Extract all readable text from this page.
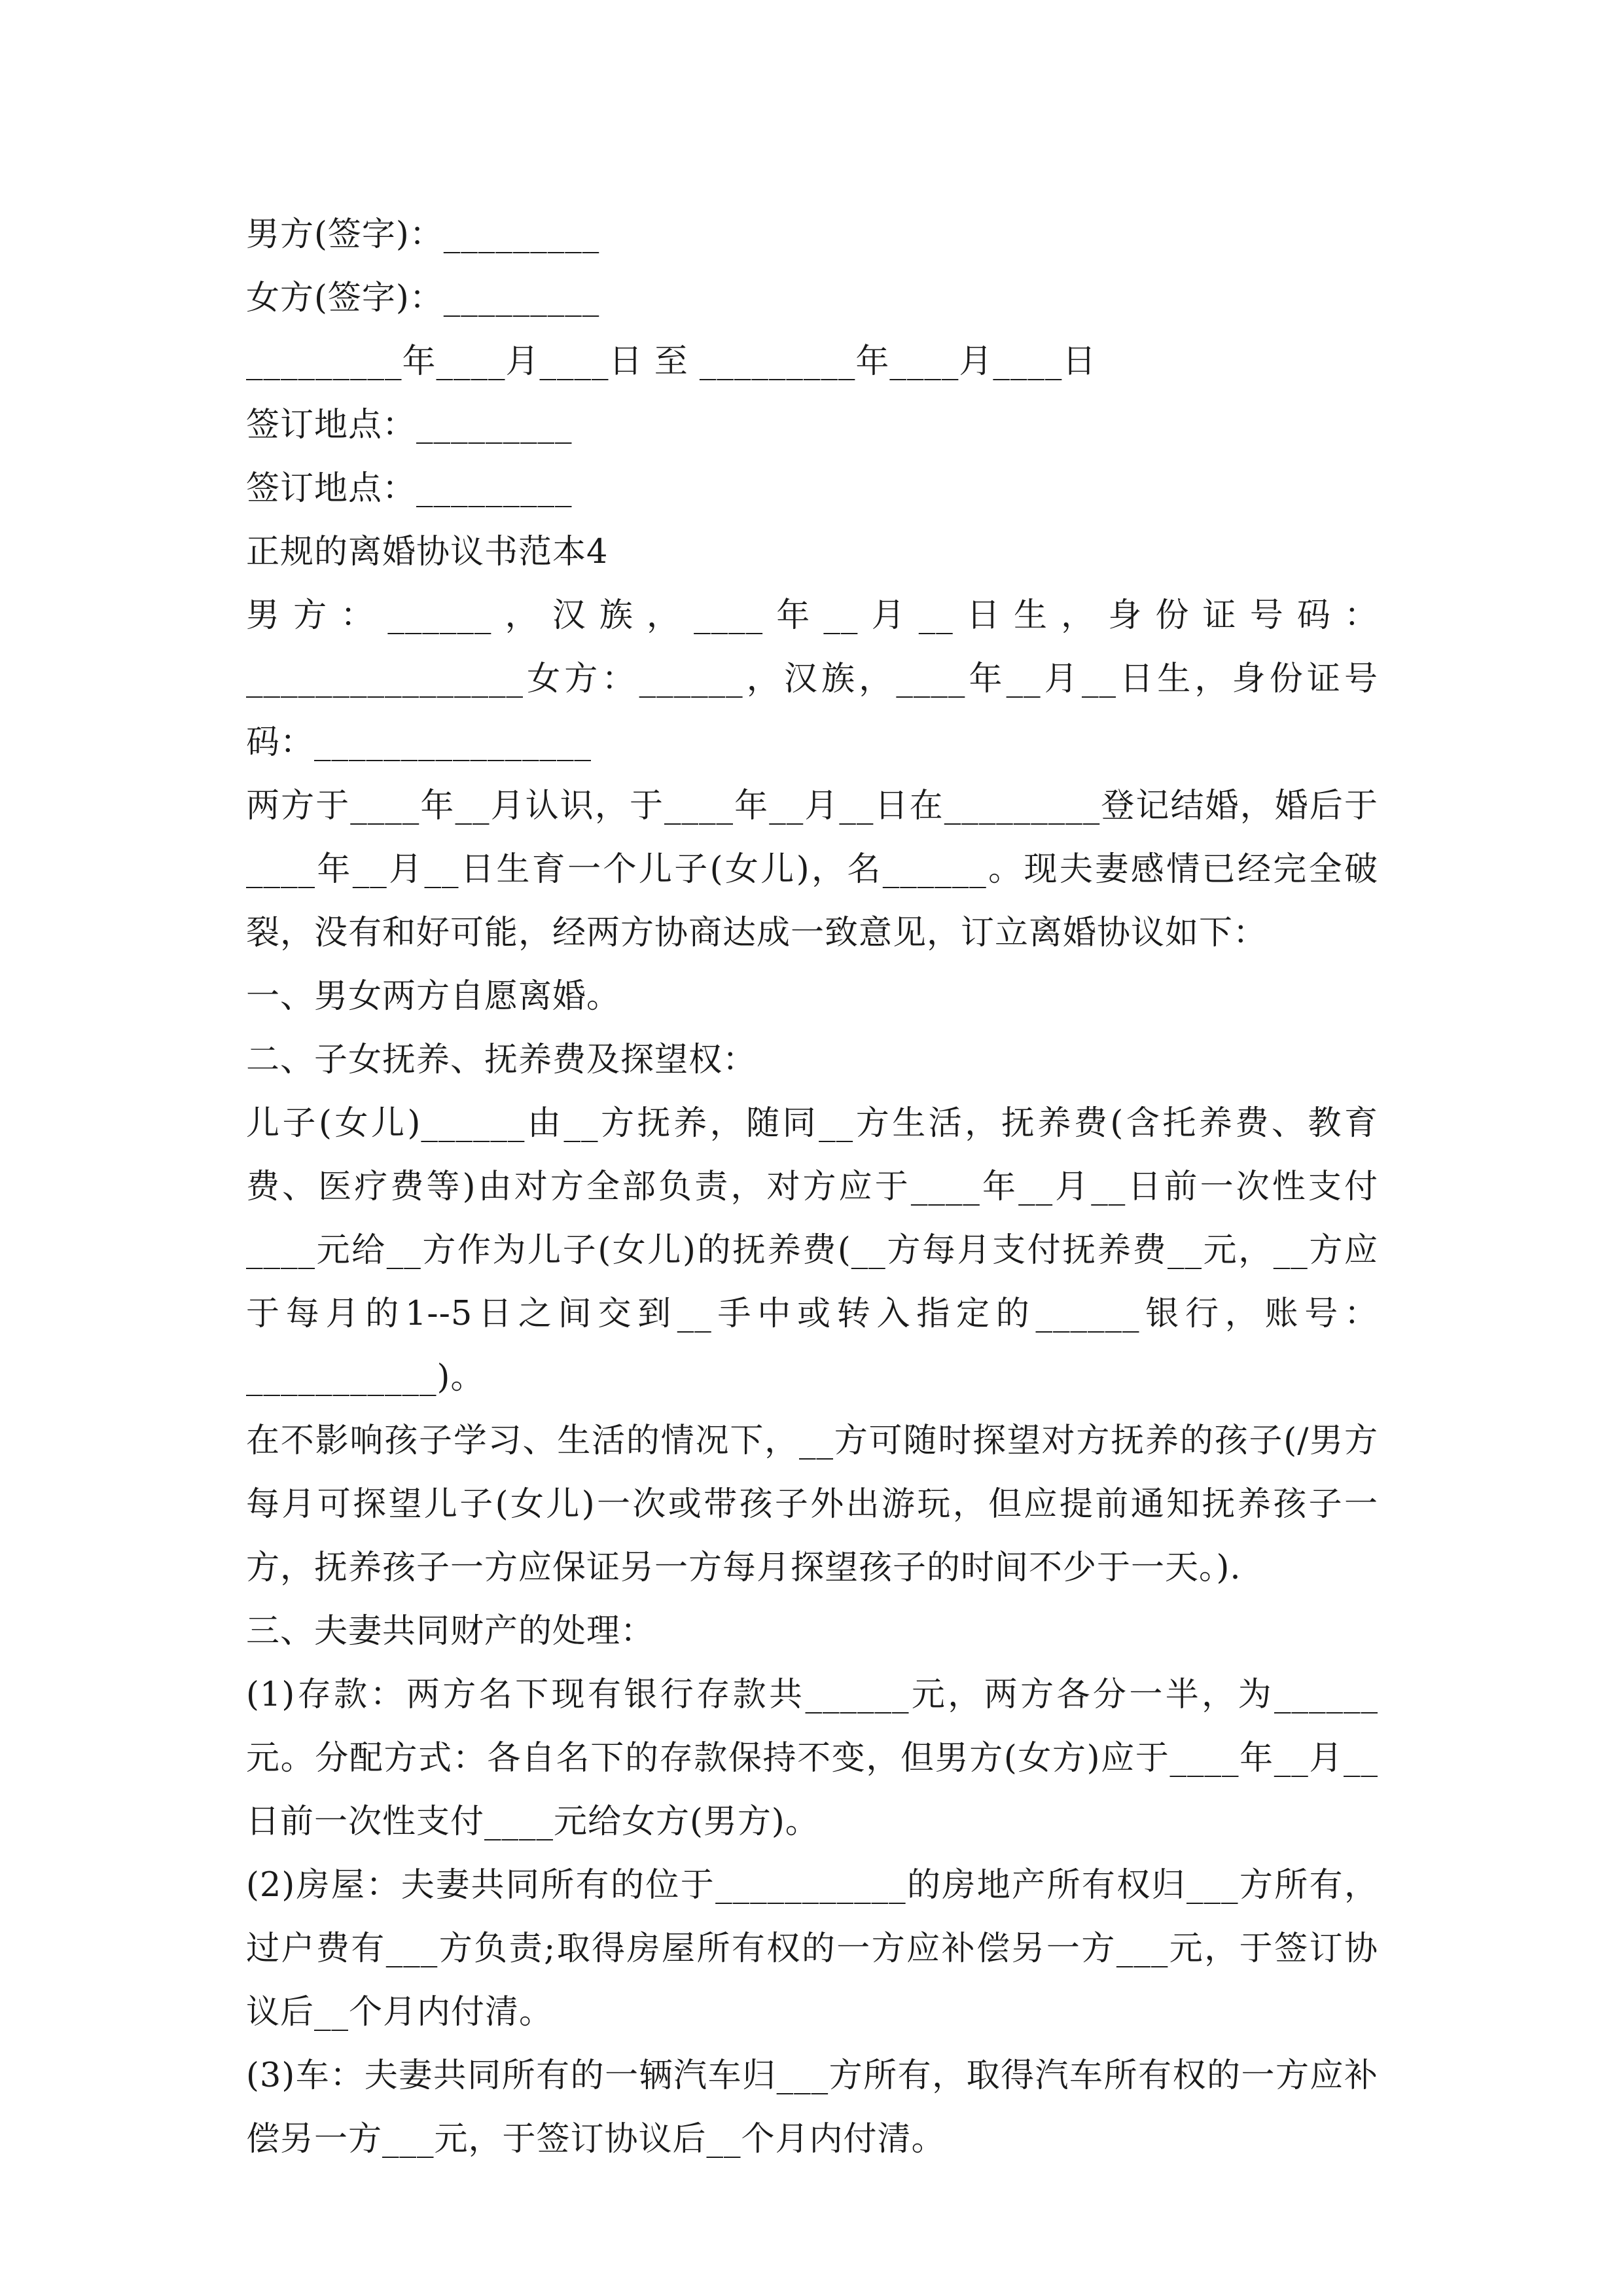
男方(签字)：_________
女方(签字)：_________
_________年____月____日 至 _________年____月____日
签订地点：_________
签订地点：_________
正规的离婚协议书范本4
男方：______，汉族，____年__月__日生，身份证号码：________________女方：______，汉族，____年__月__日生，身份证号码：________________
两方于____年__月认识，于____年__月__日在_________登记结婚，婚后于____年__月__日生育一个儿子(女儿)，名______。现夫妻感情已经完全破裂，没有和好可能，经两方协商达成一致意见，订立离婚协议如下：
一、男女两方自愿离婚。
二、子女抚养、抚养费及探望权：
儿子(女儿)______由__方抚养，随同__方生活，抚养费(含托养费、教育费、医疗费等)由对方全部负责，对方应于____年__月__日前一次性支付____元给__方作为儿子(女儿)的抚养费(__方每月支付抚养费__元，__方应于每月的1--5日之间交到__手中或转入指定的______银行，账号：___________)。
在不影响孩子学习、生活的情况下，__方可随时探望对方抚养的孩子(/男方每月可探望儿子(女儿)一次或带孩子外出游玩，但应提前通知抚养孩子一方，抚养孩子一方应保证另一方每月探望孩子的时间不少于一天。).
三、夫妻共同财产的处理：
(1)存款：两方名下现有银行存款共______元，两方各分一半，为______元。分配方式：各自名下的存款保持不变，但男方(女方)应于____年__月__日前一次性支付____元给女方(男方)。
(2)房屋：夫妻共同所有的位于___________的房地产所有权归___方所有，过户费有___方负责;取得房屋所有权的一方应补偿另一方___元，于签订协议后__个月内付清。
(3)车：夫妻共同所有的一辆汽车归___方所有，取得汽车所有权的一方应补偿另一方___元，于签订协议后__个月内付清。
